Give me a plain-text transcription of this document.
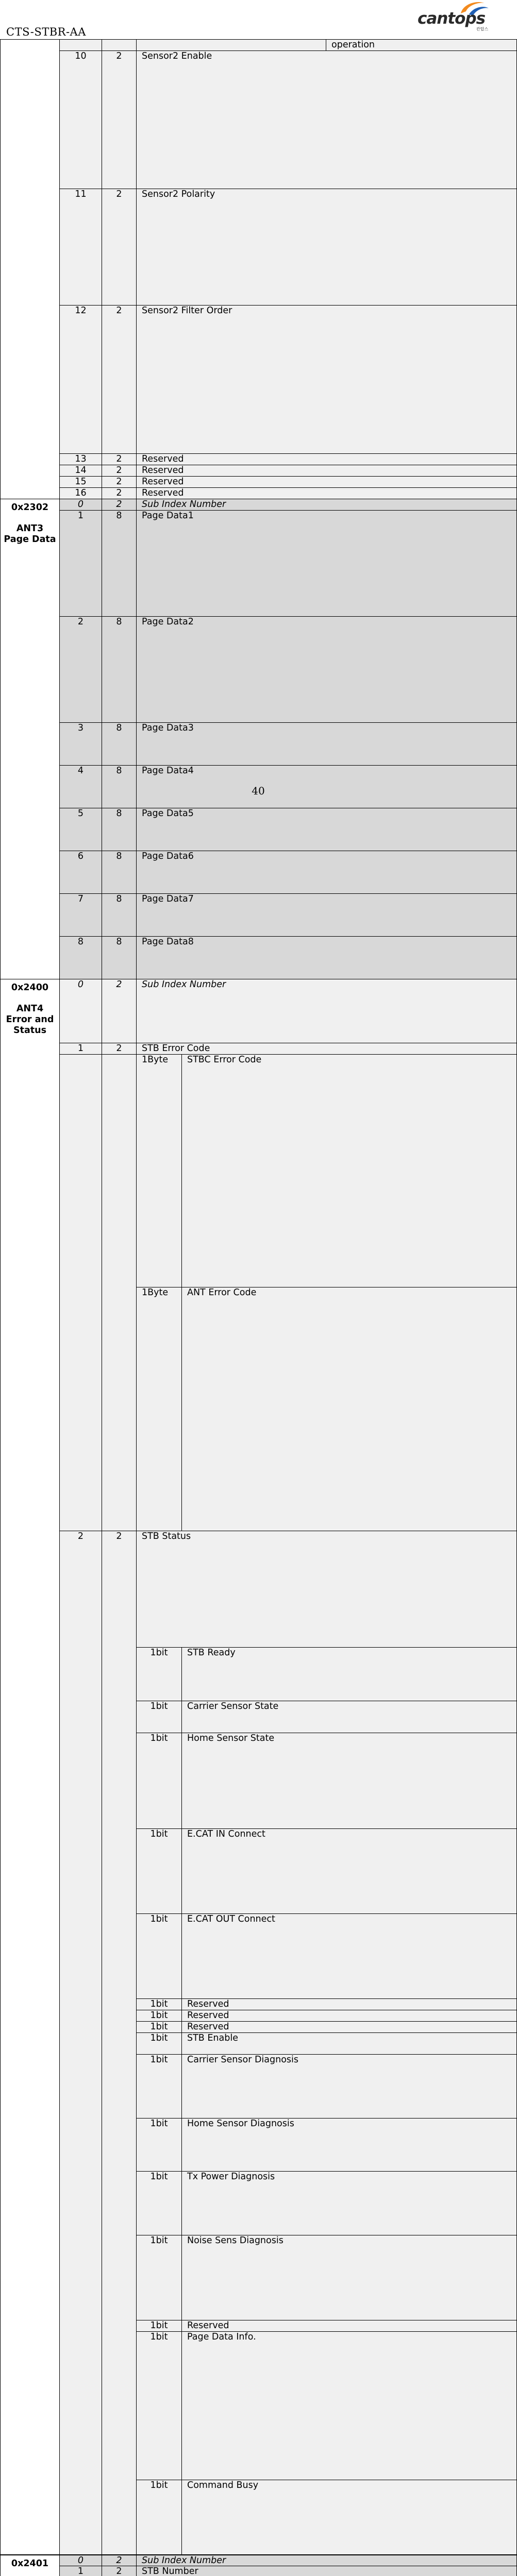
CTS-STBR-AA
cantops
칸탑스
					operation	
	10	2	Sensor2 Enable	
	11	2	Sensor2 Polarity	
	12	2	Sensor2 Filter Order	
	13	2	Reserved	
	14	2	Reserved	
	15	2	Reserved	
	16	2	Reserved	

0x2302
ANT3
Page Data	0	2	Sub Index Number			
	1	8	Page Data1	
	2	8	Page Data2	
	3	8	Page Data3	
	4	8	Page Data4	
	5	8	Page Data5	
	6	8	Page Data6	
	7	8	Page Data7	
	8	8	Page Data8	

0x2400
ANT4
Error and
Status	0	2	Sub Index Number	
	1	2	STB Error Code			
			1Byte	STBC Error Code	
			1Byte	ANT Error Code	
	2	2	STB Status	
			1bit	STB Ready	
			1bit	Carrier Sensor State	
			1bit	Home Sensor State	
			1bit	E.CAT IN Connect	
			1bit	E.CAT OUT Connect	
			1bit	Reserved	
			1bit	Reserved	
			1bit	Reserved	
			1bit	STB Enable	
			1bit	Carrier Sensor Diagnosis	
			1bit	Home Sensor Diagnosis	
			1bit	Tx Power Diagnosis	
			1bit	Noise Sens Diagnosis	
			1bit	Reserved	
			1bit	Page Data Info.	

			1bit	Command Busy	

0x2401	0	2	Sub Index Number			
	1	2	STB Number	

40
